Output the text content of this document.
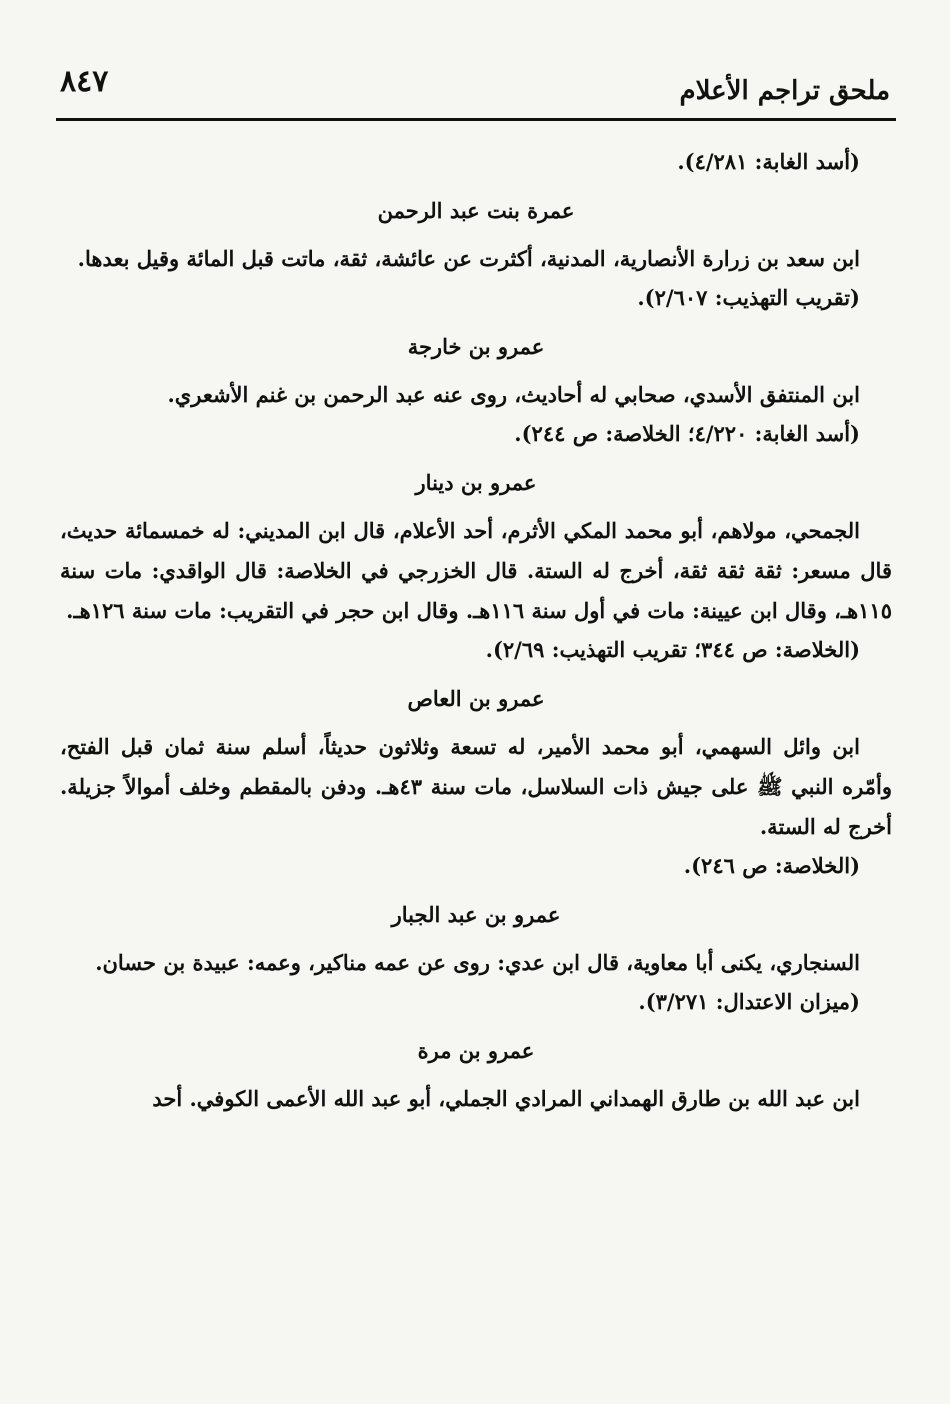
ملحق تراجم الأعلام
٨٤٧

(أسد الغابة: ٤/٢٨١).

عمرة بنت عبد الرحمن

ابن سعد بن زرارة الأنصارية، المدنية، أكثرت عن عائشة، ثقة، ماتت قبل المائة وقيل بعدها.

(تقريب التهذيب: ٢/٦٠٧).

عمرو بن خارجة

ابن المنتفق الأسدي، صحابي له أحاديث، روى عنه عبد الرحمن بن غنم الأشعري.

(أسد الغابة: ٤/٢٢٠؛ الخلاصة: ص ٢٤٤).

عمرو بن دينار

الجمحي، مولاهم، أبو محمد المكي الأثرم، أحد الأعلام، قال ابن المديني: له خمسمائة حديث، قال مسعر: ثقة ثقة ثقة، أخرج له الستة. قال الخزرجي في الخلاصة: قال الواقدي: مات سنة ١١٥هـ، وقال ابن عيينة: مات في أول سنة ١١٦هـ. وقال ابن حجر في التقريب: مات سنة ١٢٦هـ.

(الخلاصة: ص ٣٤٤؛ تقريب التهذيب: ٢/٦٩).

عمرو بن العاص

ابن وائل السهمي، أبو محمد الأمير، له تسعة وثلاثون حديثاً، أسلم سنة ثمان قبل الفتح، وأمّره النبي ﷺ على جيش ذات السلاسل، مات سنة ٤٣هـ. ودفن بالمقطم وخلف أموالاً جزيلة. أخرج له الستة.

(الخلاصة: ص ٢٤٦).

عمرو بن عبد الجبار

السنجاري، يكنى أبا معاوية، قال ابن عدي: روى عن عمه مناكير، وعمه: عبيدة بن حسان.

(ميزان الاعتدال: ٣/٢٧١).

عمرو بن مرة

ابن عبد الله بن طارق الهمداني المرادي الجملي، أبو عبد الله الأعمى الكوفي. أحد
